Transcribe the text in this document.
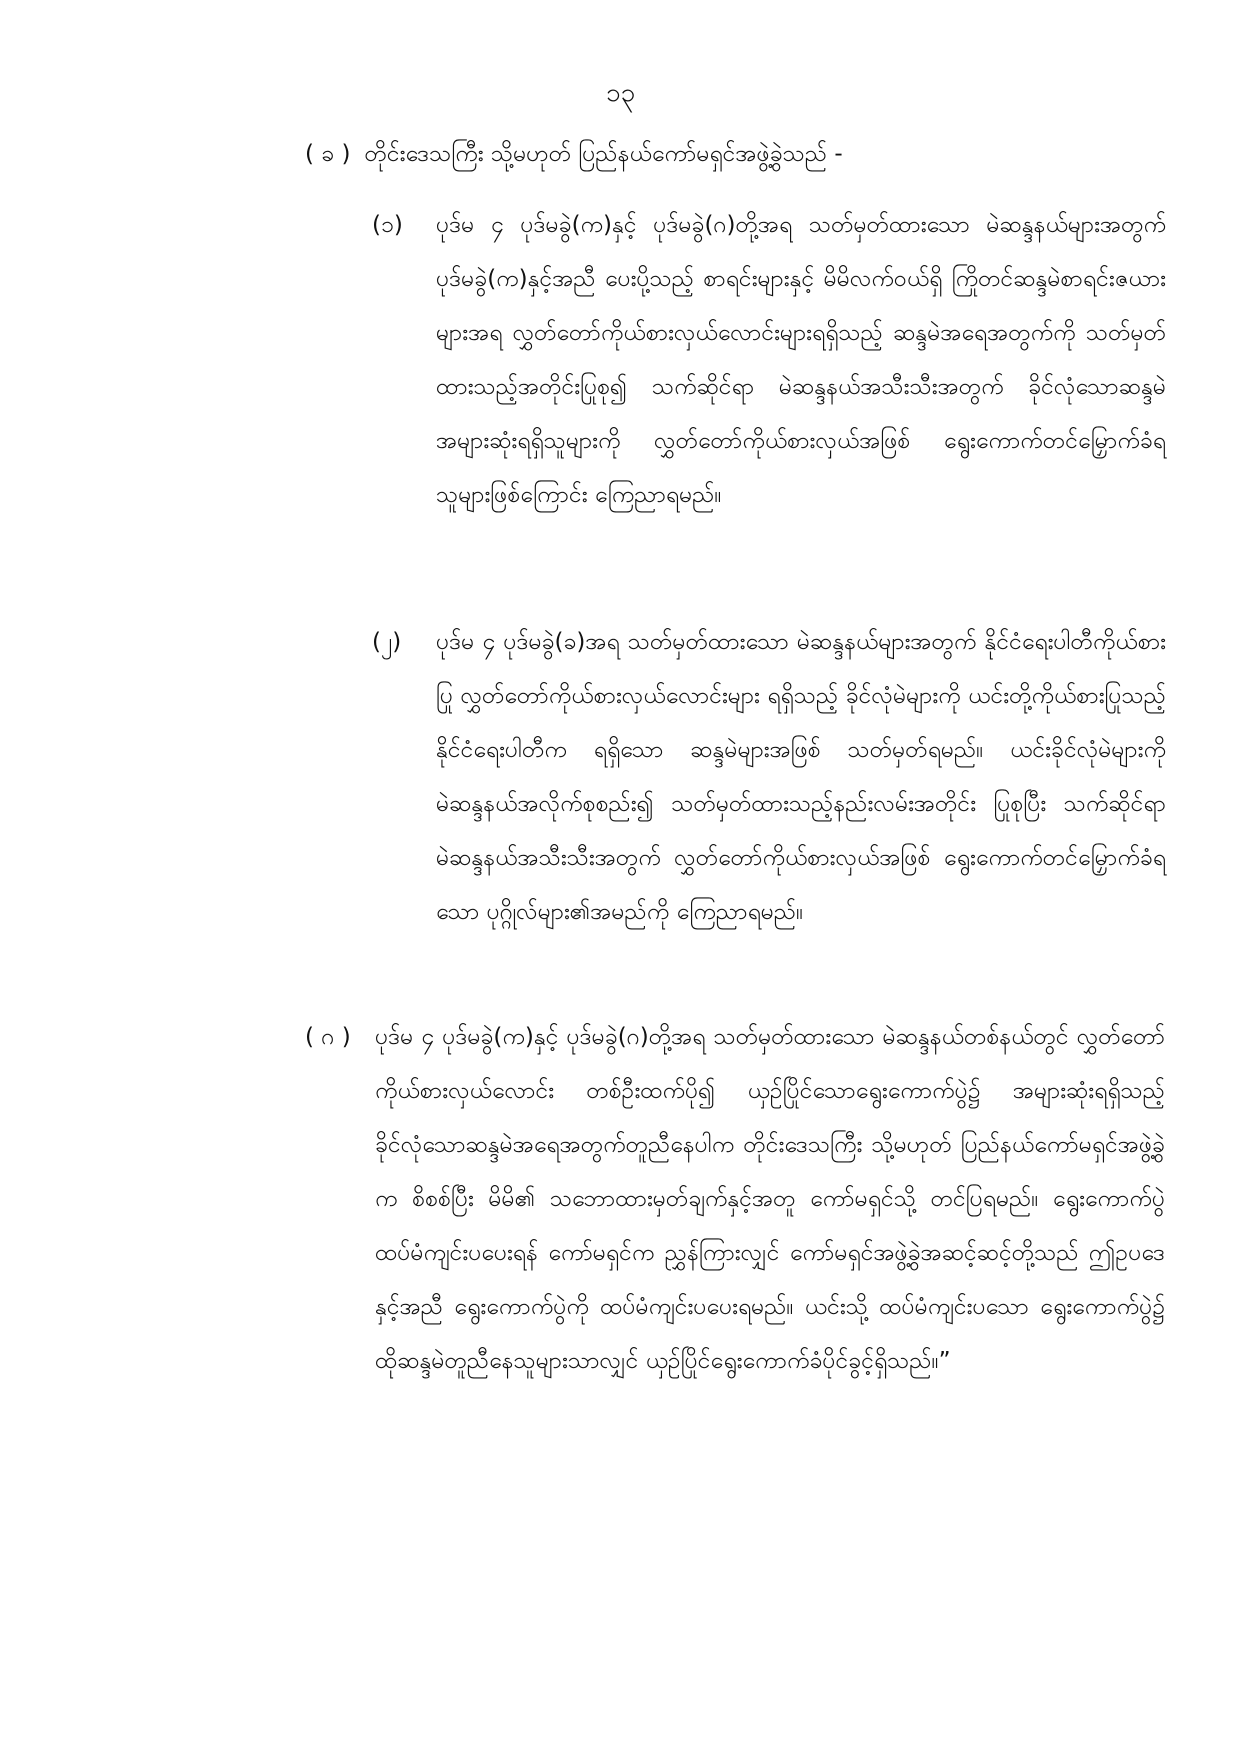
၁၃
( ခ ) တိုင်းဒေသကြီး သို့မဟုတ် ပြည်နယ်ကော်မရှင်အဖွဲ့ခွဲသည် -
(၁)	ပုဒ်မ ၄ ပုဒ်မခွဲ(က)နှင့် ပုဒ်မခွဲ(ဂ)တို့အရ သတ်မှတ်ထားသော မဲဆန္ဒနယ်များအတွက် ပုဒ်မခွဲ(က)နှင့်အညီ ပေးပို့သည့် စာရင်းများနှင့် မိမိလက်ဝယ်ရှိ ကြိုတင်ဆန္ဒမဲစာရင်းဇယားများအရ လွှတ်တော်ကိုယ်စားလှယ်လောင်းများရရှိသည့် ဆန္ဒမဲအရေအတွက်ကို သတ်မှတ်ထားသည့်အတိုင်းပြုစု၍ သက်ဆိုင်ရာ မဲဆန္ဒနယ်အသီးသီးအတွက် ခိုင်လုံသောဆန္ဒမဲအများဆုံးရရှိသူများကို လွှတ်တော်ကိုယ်စားလှယ်အဖြစ် ရွေးကောက်တင်မြှောက်ခံရသူများဖြစ်ကြောင်း ကြေညာရမည်။
(၂)	ပုဒ်မ ၄ ပုဒ်မခွဲ(ခ)အရ သတ်မှတ်ထားသော မဲဆန္ဒနယ်များအတွက် နိုင်ငံရေးပါတီကိုယ်စားပြု လွှတ်တော်ကိုယ်စားလှယ်လောင်းများ ရရှိသည့် ခိုင်လုံမဲများကို ယင်းတို့ကိုယ်စားပြုသည့် နိုင်ငံရေးပါတီက ရရှိသော ဆန္ဒမဲများအဖြစ် သတ်မှတ်ရမည်။ ယင်းခိုင်လုံမဲများကို မဲဆန္ဒနယ်အလိုက်စုစည်း၍ သတ်မှတ်ထားသည့်နည်းလမ်းအတိုင်း ပြုစုပြီး သက်ဆိုင်ရာ မဲဆန္ဒနယ်အသီးသီးအတွက် လွှတ်တော်ကိုယ်စားလှယ်အဖြစ် ရွေးကောက်တင်မြှောက်ခံရသော ပုဂ္ဂိုလ်များ၏အမည်ကို ကြေညာရမည်။
( ဂ )	ပုဒ်မ ၄ ပုဒ်မခွဲ(က)နှင့် ပုဒ်မခွဲ(ဂ)တို့အရ သတ်မှတ်ထားသော မဲဆန္ဒနယ်တစ်နယ်တွင် လွှတ်တော်ကိုယ်စားလှယ်လောင်း တစ်ဦးထက်ပို၍ ယှဉ်ပြိုင်သောရွေးကောက်ပွဲ၌ အများဆုံးရရှိသည့် ခိုင်လုံသောဆန္ဒမဲအရေအတွက်တူညီနေပါက တိုင်းဒေသကြီး သို့မဟုတ် ပြည်နယ်ကော်မရှင်အဖွဲ့ခွဲက စိစစ်ပြီး မိမိ၏ သဘောထားမှတ်ချက်နှင့်အတူ ကော်မရှင်သို့ တင်ပြရမည်။ ရွေးကောက်ပွဲထပ်မံကျင်းပပေးရန် ကော်မရှင်က ညွှန်ကြားလျှင် ကော်မရှင်အဖွဲ့ခွဲအဆင့်ဆင့်တို့သည် ဤဥပဒေနှင့်အညီ ရွေးကောက်ပွဲကို ထပ်မံကျင်းပပေးရမည်။ ယင်းသို့ ထပ်မံကျင်းပသော ရွေးကောက်ပွဲ၌ ထိုဆန္ဒမဲတူညီနေသူများသာလျှင် ယှဉ်ပြိုင်ရွေးကောက်ခံပိုင်ခွင့်ရှိသည်။”
